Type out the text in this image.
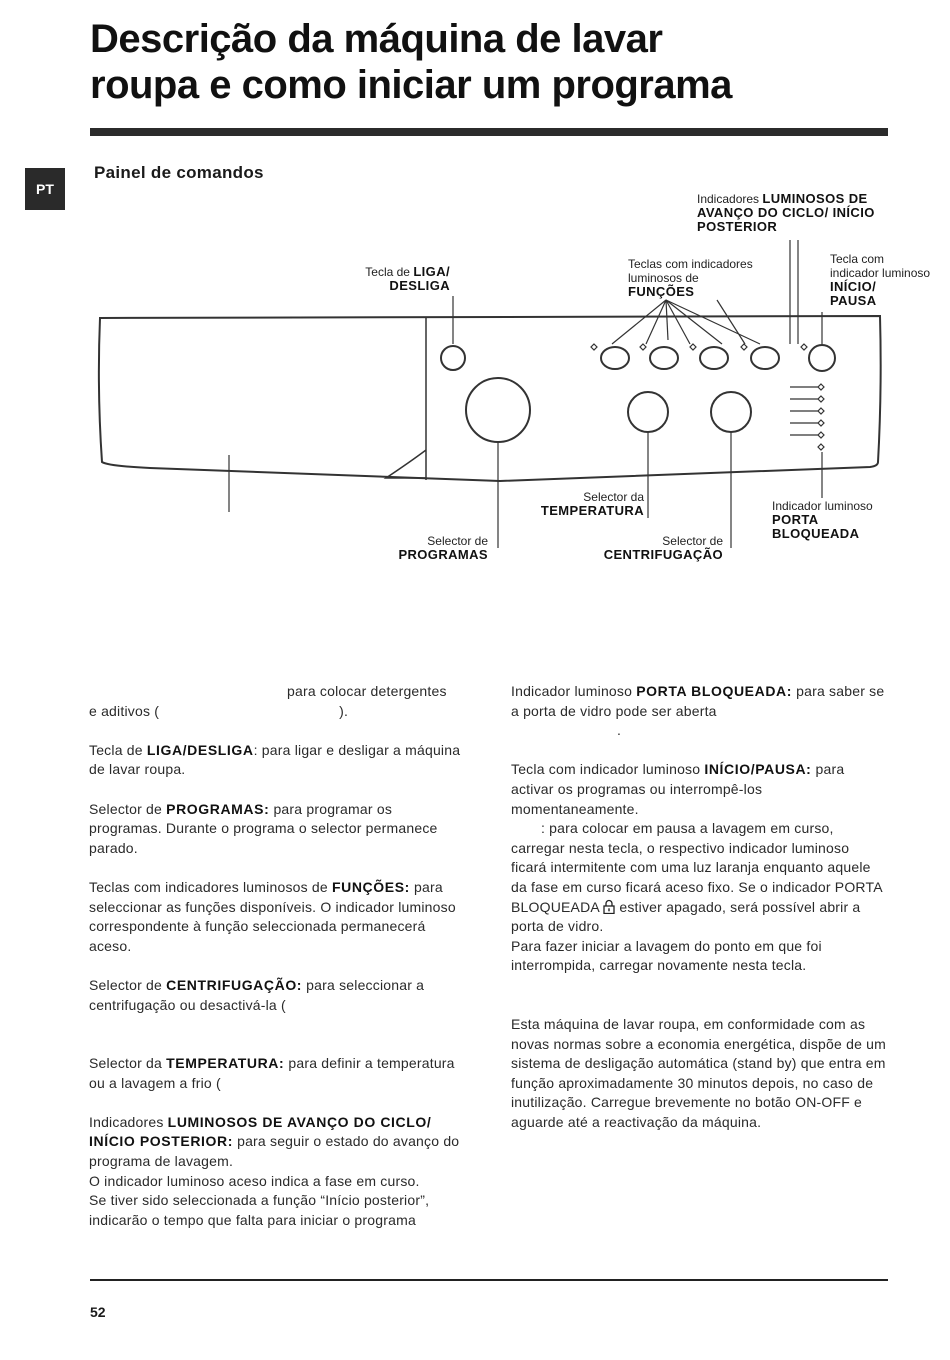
Descrição da máquina de lavar
roupa e como iniciar um programa
PT
Painel de comandos
Tecla de LIGA/
DESLIGA
Teclas com indicadores
luminosos de
FUNÇÕES
Indicadores LUMINOSOS DE
AVANÇO DO CICLO/ INÍCIO
POSTERIOR
Tecla com
indicador luminoso
INÍCIO/
PAUSA
Selector da
TEMPERATURA
Selector de
PROGRAMAS
Selector de
CENTRIFUGAÇÃO
Indicador luminoso
PORTA
BLOQUEADA

para colocar detergentes
e aditivos (	).

Tecla de LIGA/DESLIGA: para ligar e desligar a máquina de lavar roupa.

Selector de PROGRAMAS: para programar os programas. Durante o programa o selector permanece parado.

Teclas com indicadores luminosos de FUNÇÕES: para seleccionar as funções disponíveis. O indicador luminoso correspondente à função seleccionada permanecerá aceso.

Selector de CENTRIFUGAÇÃO: para seleccionar a centrifugação ou desactivá-la (

Selector da TEMPERATURA: para definir a temperatura ou a lavagem a frio (

Indicadores LUMINOSOS DE AVANÇO DO CICLO/ INÍCIO POSTERIOR: para seguir o estado do avanço do programa de lavagem.
O indicador luminoso aceso indica a fase em curso.
Se tiver sido seleccionada a função “Início posterior”, indicarão o tempo que falta para iniciar o programa

Indicador luminoso PORTA BLOQUEADA: para saber se a porta de vidro pode ser aberta
.

Tecla com indicador luminoso INÍCIO/PAUSA: para activar os programas ou interrompê-los momentaneamente.

: para colocar em pausa a lavagem em curso, carregar nesta tecla, o respectivo indicador luminoso ficará intermitente com uma luz laranja enquanto aquele da fase em curso ficará aceso fixo. Se o indicador PORTA BLOQUEADA  estiver apagado, será possível abrir a porta de vidro.

Para fazer iniciar a lavagem do ponto em que foi interrompida, carregar novamente nesta tecla.

Esta máquina de lavar roupa, em conformidade com as novas normas sobre a economia energética, dispõe de um sistema de desligação automática (stand by) que entra em função aproximadamente 30 minutos depois, no caso de inutilização. Carregue brevemente no botão ON-OFF e aguarde até a reactivação da máquina.

52
